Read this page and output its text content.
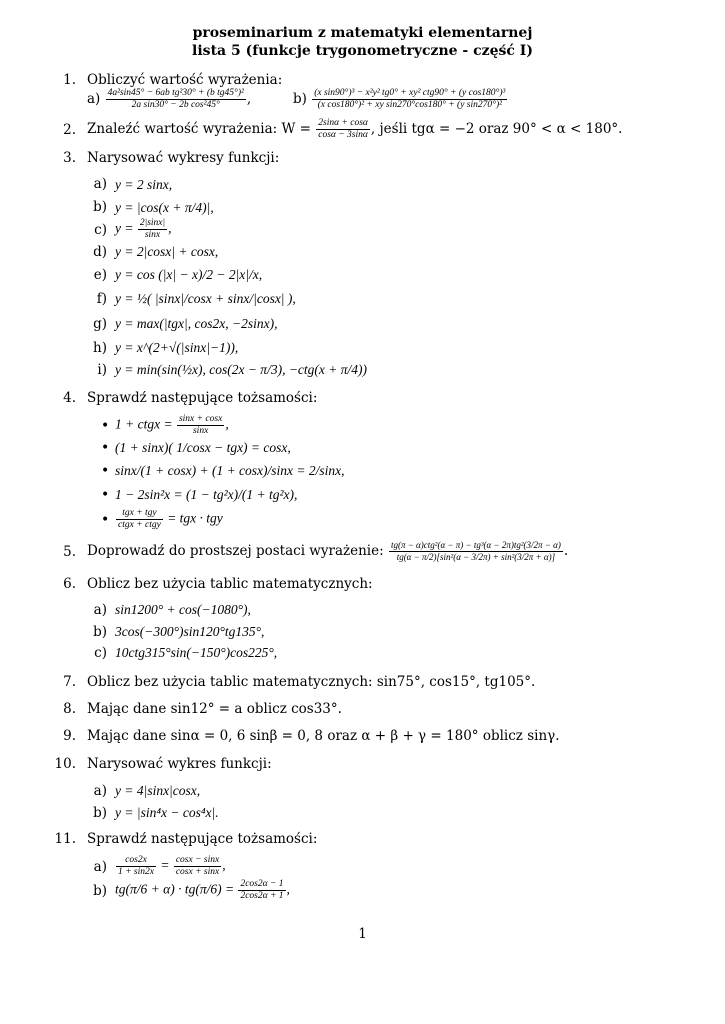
proseminarium z matematyki elementarnej
lista 5 (funkcje trygonometryczne - część I)
1. Obliczyć wartość wyrażenia:
$a) \frac{\text{4a²sin45° − 6ab tg²30° + (b tg45°)²}}{\text{2a sin30° − 2b cos²45°}}$ ,	$b) \frac{\text{(x sin90°)³ − x²y² tg0° + xy² ctg90° + (y cos180°)³}}{\text{(x cos180°)² + xy sin270°cos180° + (y sin270°)²}}$
2. Znaleźć wartość wyrażenia: $W = \frac{2\sin\alpha + \cos\alpha}{\cos\alpha - 3\sin\alpha}$ , jeśli tgα = −2 oraz 90° < α < 180°.
3. Narysować wykresy funkcji:
a) y = 2 sinx,
b) y = |cos(x + π/4)|,
c) $y = \frac{2|\sin x|}{\sin x}$ ,
d) y = 2|cosx| + cosx,
e) y = cos (|x| − x)/2 − 2|x|/x,
f) y = ½( |sinx|/cosx + sinx/|cosx| ),
g) y = max(|tgx|, cos2x, −2sinx),
h) y = x^(2+√(|sinx|−1)),
i) y = min(sin(½x), cos(2x − π/3), −ctg(x + π/4))
4. Sprawdź następujące tożsamości:
• 1 + ctgx = $\frac{\sin x + \cos x}{\sin x}$ ,
• (1 + sinx)( 1/cosx − tgx) = cosx,
• sinx/(1 + cosx) + (1 + cosx)/sinx = 2/sinx,
• 1 − 2sin²x = (1 − tg²x)/(1 + tg²x),
• $\frac{\text{tgx + tgy}}{\text{ctgx + ctgy}}$ = tgx · tgy
5. Doprowadź do prostszej postaci wyrażenie: $\frac{\text{tg(π − α)ctg²(α − π) − tg³(α − 2π)tg²(3/2π − α)}}{\text{tg(α − π/2)[sin²(α − 3/2π) + sin²(3/2π + α)]}}$ .
6. Oblicz bez użycia tablic matematycznych:
a) sin1200° + cos(−1080°),
b) 3cos(−300°)sin120°tg135°,
c) 10ctg315°sin(−150°)cos225°,
7. Oblicz bez użycia tablic matematycznych: sin75°, cos15°, tg105°.
8. Mając dane sin12° = a oblicz cos33°.
9. Mając dane sinα = 0, 6 sinβ = 0, 8 oraz α + β + γ = 180° oblicz sinγ.
10. Narysować wykres funkcji:
a) y = 4|sinx|cosx,
b) y = |sin⁴x − cos⁴x|.
11. Sprawdź następujące tożsamości:
$a) \frac{\cos 2x}{1 + \sin 2x} = \frac{\cos x - \sin x}{\cos x + \sin x}$ ,
b) $tg(\pi/6 + \alpha) \cdot tg(\pi/6) = \frac{2\cos 2\alpha - 1}{2\cos 2\alpha + 1}$ ,
1
